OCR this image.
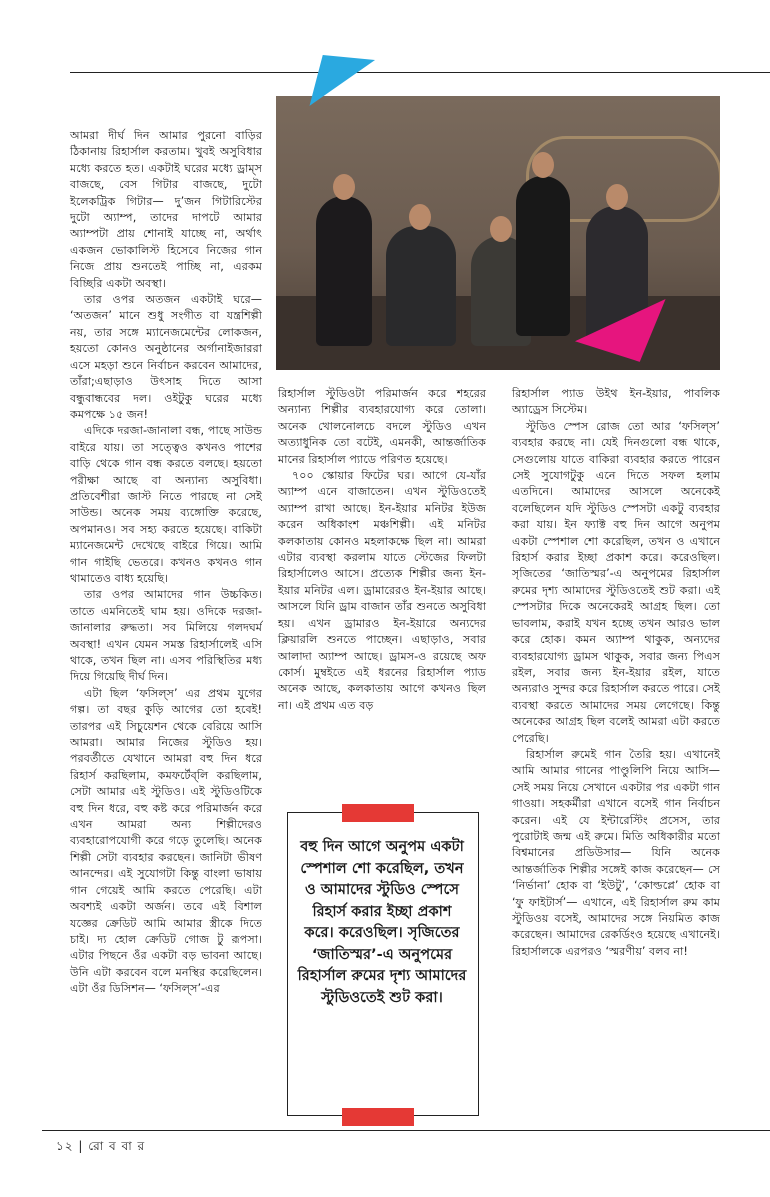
আমরা দীর্ঘ দিন আমার পুরনো বাড়ির ঠিকানায় রিহার্সাল করতাম। খুবই অসুবিধার মধ্যে করতে হত। একটাই ঘরের মধ্যে ড্রাম্স বাজছে, বেস গিটার বাজছে, দুটো ইলেকট্রিক গিটার— দু’জন গিটারিস্টের দুটো অ্যাম্প, তাদের দাপটে আমার অ্যাম্পটা প্রায় শোনাই যাচ্ছে না, অর্থাৎ একজন ভোকালিস্ট হিসেবে নিজের গান নিজে প্রায় শুনতেই পাচ্ছি না, এরকম বিচ্ছিরি একটা অবস্থা।

তার ওপর অতজন একটাই ঘরে— ‘অতজন’ মানে শুধু সংগীত বা যন্ত্রশিল্পী নয়, তার সঙ্গে ম্যানেজমেন্টের লোকজন, হয়তো কোনও অনুষ্ঠানের অর্গানাইজাররা এসে মহড়া শুনে নির্বাচন করবেন আমাদের, তাঁরা;এছাড়াও উৎসাহ দিতে আসা বন্ধুবান্ধবের দল। ওইটুকু ঘরের মধ্যে কমপক্ষে ১৫ জন!

এদিকে দরজা-জানালা বন্ধ, পাছে সাউন্ড বাইরে যায়। তা সত্ত্বেও কখনও পাশের বাড়ি থেকে গান বন্ধ করতে বলছে। হয়তো পরীক্ষা আছে বা অন্যান্য অসুবিধা। প্রতিবেশীরা জাস্ট নিতে পারছে না সেই সাউন্ড। অনেক সময় ব্যঙ্গোক্তি করেছে, অপমানও। সব সহ্য করতে হয়েছে। বাকিটা ম্যানেজমেন্ট দেখেছে বাইরে গিয়ে। আমি গান গাইছি ভেতরে। কখনও কখনও গান থামাতেও বাধ্য হয়েছি।

তার ওপর আমাদের গান উচ্চকিত। তাতে এমনিতেই ঘাম হয়। ওদিকে দরজা-জানালার রুদ্ধতা। সব মিলিয়ে গলদঘর্ম অবস্থা! এখন যেমন সমস্ত রিহার্সালেই এসি থাকে, তখন ছিল না। এসব পরিস্থিতির মধ্য দিয়ে গিয়েছি দীর্ঘ দিন।

এটা ছিল ‘ফসিল্‌স’ এর প্রথম যুগের গল্প। তা বছর কুড়ি আগের তো হবেই! তারপর এই সিচুয়েশন থেকে বেরিয়ে আসি আমরা। আমার নিজের স্টুডিও হয়। পরবর্তীতে যেখানে আমরা বহু দিন ধরে রিহার্স করছিলাম, কমফর্টেব্‌লি করছিলাম, সেটা আমার এই স্টুডিও। এই স্টুডিওটিকে বহু দিন ধরে, বহু কষ্ট করে পরিমার্জন করে এখন আমরা অন্য শিল্পীদেরও ব্যবহারোপযোগী করে গড়ে তুলেছি। অনেক শিল্পী সেটা ব্যবহার করছেন। জানিটা ভীষণ আনন্দের। এই সুযোগটা কিন্তু বাংলা ভাষায় গান গেয়েই আমি করতে পেরেছি। এটা অবশ্যই একটা অর্জন। তবে এই বিশাল যজ্ঞের ক্রেডিট আমি আমার স্ত্রীকে দিতে চাই। দ্য হোল ক্রেডিট গোজ টু রূপসা। এটার পিছনে ওঁর একটা বড় ভাবনা আছে। উনি এটা করবেন বলে মনস্থির করেছিলেন। এটা ওঁর ডিসিশন— ‘ফসিল্‌স’-এর

রিহার্সাল স্টুডিওটা পরিমার্জন করে শহরের অন্যান্য শিল্পীর ব্যবহারযোগ্য করে তোলা। অনেক খোলনোলচে বদলে স্টুডিও এখন অত্যাধুনিক তো বটেই, এমনকী, আন্তর্জাতিক মানের রিহার্সাল প্যাডে পরিণত হয়েছে।

৭০০ স্কোয়ার ফিটের ঘর। আগে যে-যাঁর অ্যাম্প এনে বাজাতেন। এখন স্টুডিওতেই অ্যাম্প রাখা আছে। ইন-ইয়ার মনিটর ইউজ করেন অধিকাংশ মঞ্চশিল্পী। এই মনিটর কলকাতায় কোনও মহলাকক্ষে ছিল না। আমরা এটার ব্যবস্থা করলাম যাতে স্টেজের ফিলটা রিহার্সালেও আসে। প্রত্যেক শিল্পীর জন্য ইন-ইয়ার মনিটর এল। ড্রামারেরও ইন-ইয়ার আছে। আসলে যিনি ড্রাম বাজান তাঁর শুনতে অসুবিধা হয়। এখন ড্রামারও ইন-ইয়ারে অন্যদের ক্লিয়ারলি শুনতে পাচ্ছেন। এছাড়াও, সবার আলাদা অ্যাম্প আছে। ড্রামস-ও রয়েছে অফ কোর্স। মুম্বইতে এই ধরনের রিহার্সাল প্যাড অনেক আছে, কলকাতায় আগে কখনও ছিল না। এই প্রথম এত বড়

রিহার্সাল প্যাড উইথ ইন-ইয়ার, পাবলিক অ্যাড্রেস সিস্টেম।

স্টুডিও স্পেস রোজ তো আর ‘ফসিল্‌স’ ব্যবহার করছে না। যেই দিনগুলো বন্ধ থাকে, সেগুলোয় যাতে বাকিরা ব্যবহার করতে পারেন সেই সুযোগটুকু এনে দিতে সফল হলাম এতদিনে। আমাদের আসলে অনেকেই বলেছিলেন যদি স্টুডিও স্পেসটা একটু ব্যবহার করা যায়। ইন ফ্যাক্ট বহু দিন আগে অনুপম একটা স্পেশাল শো করেছিল, তখন ও এখানে রিহার্স করার ইচ্ছা প্রকাশ করে। করেওছিল। সৃজিতের ‘জাতিস্মর’-এ অনুপমের রিহার্সাল রুমের দৃশ্য আমাদের স্টুডিওতেই শুট করা। এই স্পেসটার দিকে অনেকেরই আগ্রহ ছিল। তো ভাবলাম, করাই যখন হচ্ছে তখন আরও ভাল করে হোক। কমন অ্যাম্প থাকুক, অন্যদের ব্যবহারযোগ্য ড্রামস থাকুক, সবার জন্য পিএস রইল, সবার জন্য ইন-ইয়ার রইল, যাতে অন্যরাও সুন্দর করে রিহার্সাল করতে পারে। সেই ব্যবস্থা করতে আমাদের সময় লেগেছে। কিন্তু অনেকের আগ্রহ ছিল বলেই আমরা এটা করতে পেরেছি।

রিহার্সাল রুমেই গান তৈরি হয়। এখানেই আমি আমার গানের পাণ্ডুলিপি নিয়ে আসি— সেই সময় নিয়ে সেখানে একটার পর একটা গান গাওয়া। সহকর্মীরা এখানে বসেই গান নির্বাচন করেন। এই যে ইন্টারেস্টিং প্রসেস, তার পুরোটাই জন্ম এই রুমে। মিতি অধিকারীর মতো বিশ্বমানের প্রডিউসার— যিনি অনেক আন্তর্জাতিক শিল্পীর সঙ্গেই কাজ করেছেন— সে ‘নির্ভানা’ হোক বা ‘ইউটু’, ‘কোল্ডপ্লে’ হোক বা ‘ফু ফাইটার্স’— এখানে, এই রিহার্সাল রুম কাম স্টুডিওয় বসেই, আমাদের সঙ্গে নিয়মিত কাজ করেছেন। আমাদের রেকর্ডিংও হয়েছে এখানেই। রিহার্সালকে এরপরও ‘স্মরণীয়’ বলব না!

বহু দিন আগে অনুপম একটা স্পেশাল শো করেছিল, তখন ও আমাদের স্টুডিও স্পেসে রিহার্স করার ইচ্ছা প্রকাশ করে। করেওছিল। সৃজিতের ‘জাতিস্মর’-এ অনুপমের রিহার্সাল রুমের দৃশ্য আমাদের স্টুডিওতেই শুট করা।
১২ | রো ব বা র
